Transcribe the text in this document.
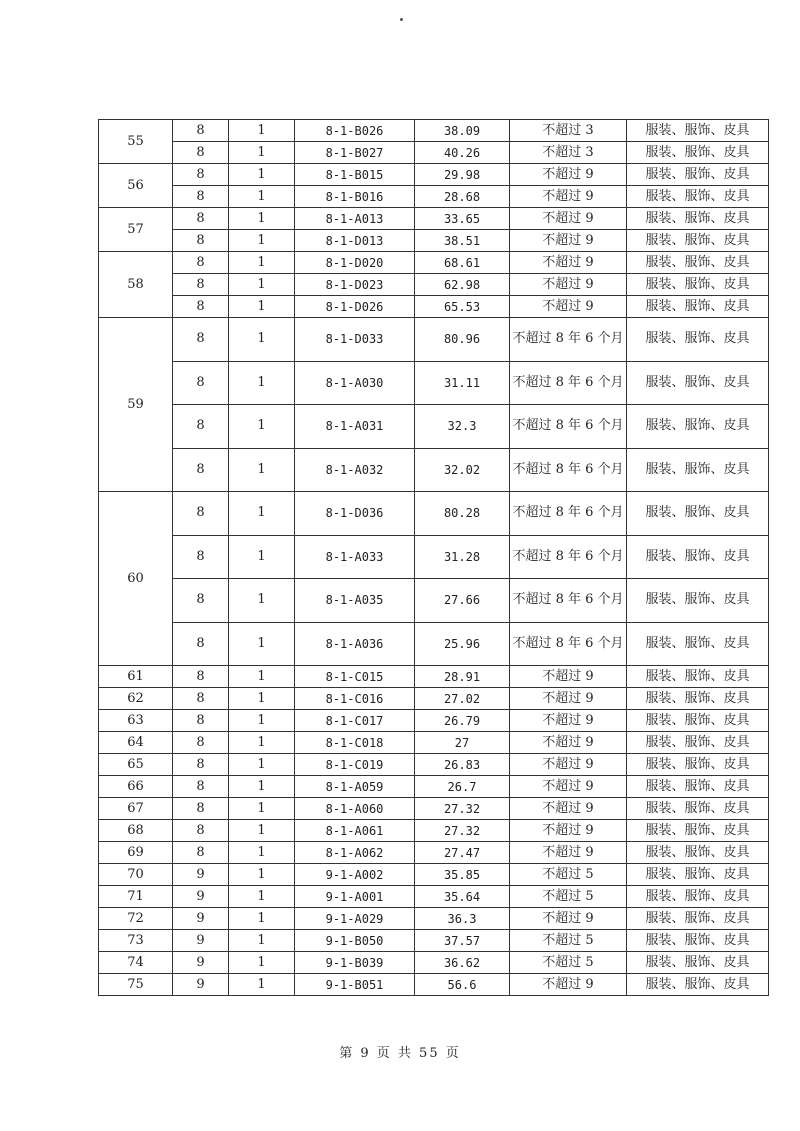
55	8	1	8-1-B026	38.09	不超过 3	服装、服饰、皮具
	8	1	8-1-B027	40.26	不超过 3	服装、服饰、皮具
56	8	1	8-1-B015	29.98	不超过 9	服装、服饰、皮具
	8	1	8-1-B016	28.68	不超过 9	服装、服饰、皮具
57	8	1	8-1-A013	33.65	不超过 9	服装、服饰、皮具
	8	1	8-1-D013	38.51	不超过 9	服装、服饰、皮具
58	8	1	8-1-D020	68.61	不超过 9	服装、服饰、皮具
	8	1	8-1-D023	62.98	不超过 9	服装、服饰、皮具
	8	1	8-1-D026	65.53	不超过 9	服装、服饰、皮具
59	8	1	8-1-D033	80.96	不超过 8 年 6 个月	服装、服饰、皮具
	8	1	8-1-A030	31.11	不超过 8 年 6 个月	服装、服饰、皮具
	8	1	8-1-A031	32.3	不超过 8 年 6 个月	服装、服饰、皮具
	8	1	8-1-A032	32.02	不超过 8 年 6 个月	服装、服饰、皮具
60	8	1	8-1-D036	80.28	不超过 8 年 6 个月	服装、服饰、皮具
	8	1	8-1-A033	31.28	不超过 8 年 6 个月	服装、服饰、皮具
	8	1	8-1-A035	27.66	不超过 8 年 6 个月	服装、服饰、皮具
	8	1	8-1-A036	25.96	不超过 8 年 6 个月	服装、服饰、皮具
61	8	1	8-1-C015	28.91	不超过 9	服装、服饰、皮具
62	8	1	8-1-C016	27.02	不超过 9	服装、服饰、皮具
63	8	1	8-1-C017	26.79	不超过 9	服装、服饰、皮具
64	8	1	8-1-C018	27	不超过 9	服装、服饰、皮具
65	8	1	8-1-C019	26.83	不超过 9	服装、服饰、皮具
66	8	1	8-1-A059	26.7	不超过 9	服装、服饰、皮具
67	8	1	8-1-A060	27.32	不超过 9	服装、服饰、皮具
68	8	1	8-1-A061	27.32	不超过 9	服装、服饰、皮具
69	8	1	8-1-A062	27.47	不超过 9	服装、服饰、皮具
70	9	1	9-1-A002	35.85	不超过 5	服装、服饰、皮具
71	9	1	9-1-A001	35.64	不超过 5	服装、服饰、皮具
72	9	1	9-1-A029	36.3	不超过 9	服装、服饰、皮具
73	9	1	9-1-B050	37.57	不超过 5	服装、服饰、皮具
74	9	1	9-1-B039	36.62	不超过 5	服装、服饰、皮具
75	9	1	9-1-B051	56.6	不超过 9	服装、服饰、皮具
第 9 页 共 55 页
